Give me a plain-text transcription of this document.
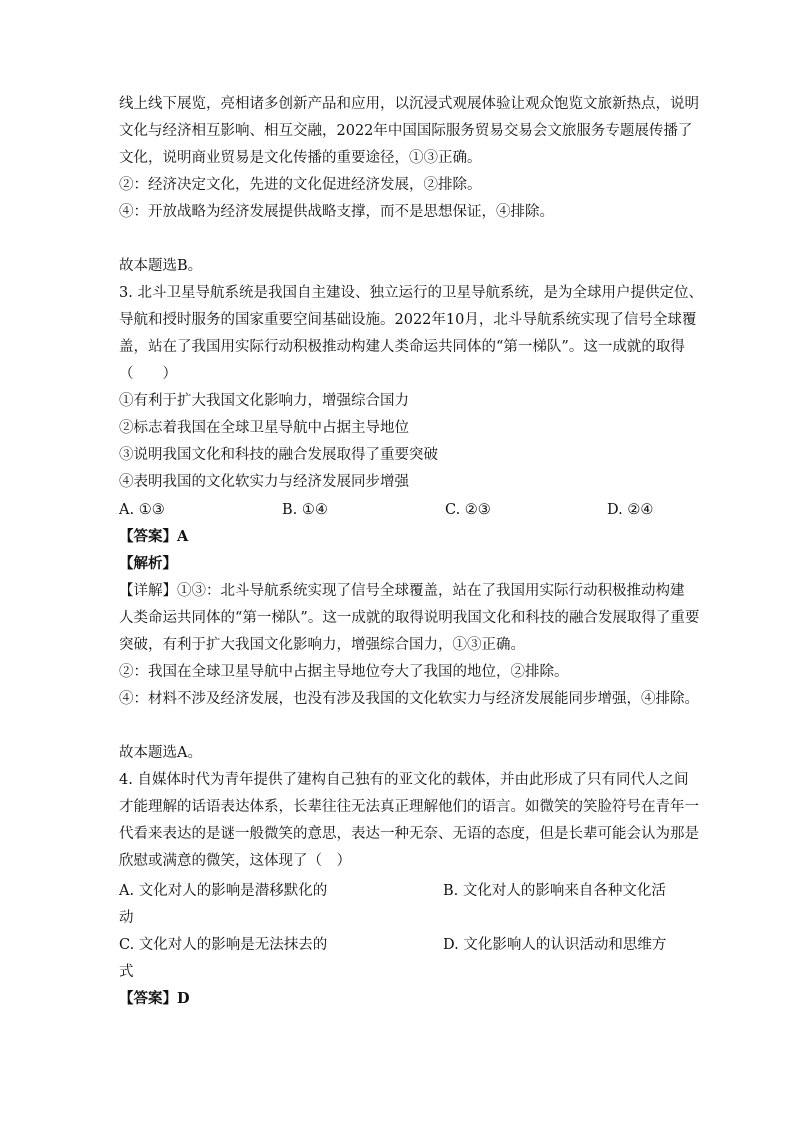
线上线下展览，亮相诸多创新产品和应用，以沉浸式观展体验让观众饱览文旅新热点，说明

文化与经济相互影响、相互交融，2022年中国国际服务贸易交易会文旅服务专题展传播了

文化，说明商业贸易是文化传播的重要途径，①③正确。

②：经济决定文化，先进的文化促进经济发展，②排除。

④：开放战略为经济发展提供战略支撑，而不是思想保证，④排除。

故本题选B。

3. 北斗卫星导航系统是我国自主建设、独立运行的卫星导航系统，是为全球用户提供定位、

导航和授时服务的国家重要空间基础设施。2022年10月，北斗导航系统实现了信号全球覆

盖，站在了我国用实际行动积极推动构建人类命运共同体的“第一梯队”。这一成就的取得

（　　）

①有利于扩大我国文化影响力，增强综合国力

②标志着我国在全球卫星导航中占据主导地位

③说明我国文化和科技的融合发展取得了重要突破

④表明我国的文化软实力与经济发展同步增强

A. ①③	B. ①④	C. ②③	D. ②④

【答案】A

【解析】

【详解】①③：北斗导航系统实现了信号全球覆盖，站在了我国用实际行动积极推动构建

人类命运共同体的“第一梯队”。这一成就的取得说明我国文化和科技的融合发展取得了重要

突破，有利于扩大我国文化影响力，增强综合国力，①③正确。

②：我国在全球卫星导航中占据主导地位夸大了我国的地位，②排除。

④：材料不涉及经济发展，也没有涉及我国的文化软实力与经济发展能同步增强，④排除。

故本题选A。

4. 自媒体时代为青年提供了建构自己独有的亚文化的载体，并由此形成了只有同代人之间

才能理解的话语表达体系，长辈往往无法真正理解他们的语言。如微笑的笑脸符号在青年一

代看来表达的是谜一般微笑的意思，表达一种无奈、无语的态度，但是长辈可能会认为那是

欣慰或满意的微笑，这体现了（　）

A. 文化对人的影响是潜移默化的	B. 文化对人的影响来自各种文化活

动

C. 文化对人的影响是无法抹去的	D. 文化影响人的认识活动和思维方

式

【答案】D
